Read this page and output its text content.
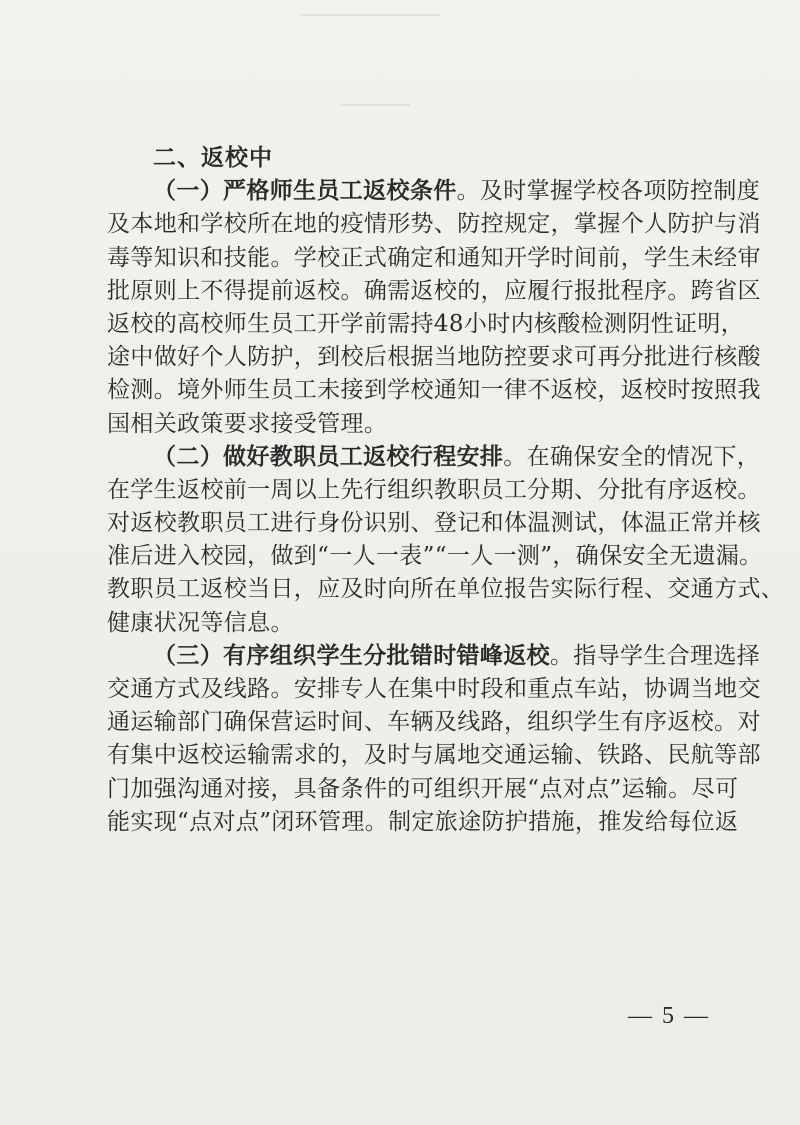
二、返校中
（一）严格师生员工返校条件。及时掌握学校各项防控制度
及本地和学校所在地的疫情形势、防控规定，掌握个人防护与消
毒等知识和技能。学校正式确定和通知开学时间前，学生未经审
批原则上不得提前返校。确需返校的，应履行报批程序。跨省区
返校的高校师生员工开学前需持48小时内核酸检测阴性证明，
途中做好个人防护，到校后根据当地防控要求可再分批进行核酸
检测。境外师生员工未接到学校通知一律不返校，返校时按照我
国相关政策要求接受管理。
（二）做好教职员工返校行程安排。在确保安全的情况下，
在学生返校前一周以上先行组织教职员工分期、分批有序返校。
对返校教职员工进行身份识别、登记和体温测试，体温正常并核
准后进入校园，做到“一人一表”“一人一测”，确保安全无遗漏。
教职员工返校当日，应及时向所在单位报告实际行程、交通方式、
健康状况等信息。
（三）有序组织学生分批错时错峰返校。指导学生合理选择
交通方式及线路。安排专人在集中时段和重点车站，协调当地交
通运输部门确保营运时间、车辆及线路，组织学生有序返校。对
有集中返校运输需求的，及时与属地交通运输、铁路、民航等部
门加强沟通对接，具备条件的可组织开展“点对点”运输。尽可
能实现“点对点”闭环管理。制定旅途防护措施，推发给每位返
— 5 —
